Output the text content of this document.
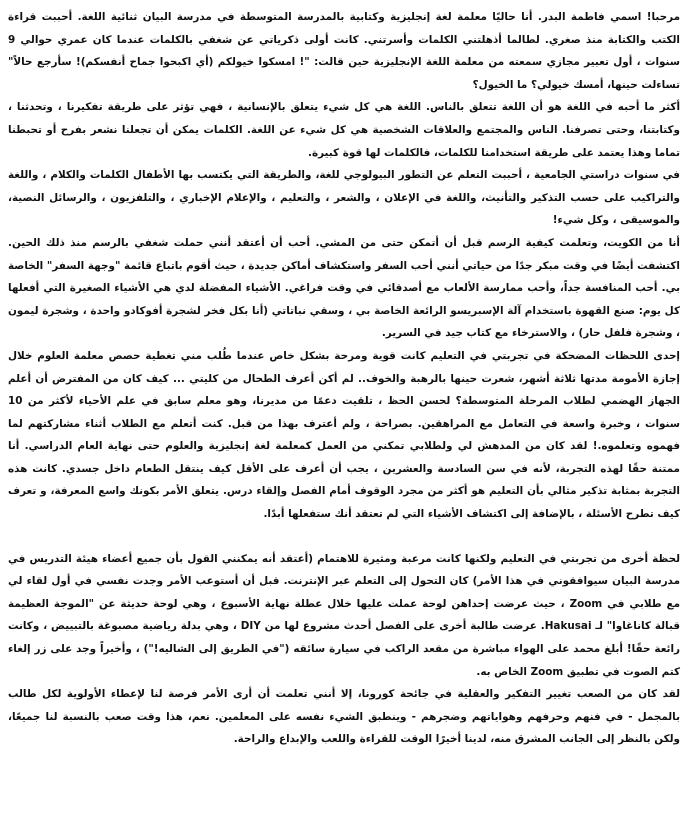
مرحبا! اسمي فاطمة البدر. أنا حاليًا معلمة لغة إنجليزية وكتابية بالمدرسة المتوسطة في مدرسة البيان ثنائية اللغة. أحببت قراءة الكتب والكتابة منذ صغري. لطالما أذهلتني الكلمات وأسرتني. كانت أولى ذكرياتي عن شغفي بالكلمات عندما كان عمري حوالي 9 سنوات ، أول تعبير مجازي سمعته من معلمة اللغة الإنجليزية حين قالت: "! امسكوا خيولكم (أي اكبحوا جماح أنفسكم)! سأرجع حالاً" تساءلت حينها، أمسك خيولي؟ ما الخيول؟

أكثر ما أحبه في اللغة هو أن اللغة تتعلق بالناس. اللغة هي كل شيء يتعلق بالإنسانية ، فهي تؤثر على طريقة تفكيرنا ، وتحدثنا ، وكتابتنا، وحتى تصرفنا. الناس والمجتمع والعلاقات الشخصية هي كل شيء عن اللغة. الكلمات يمكن أن تجعلنا نشعر بفرح أو تحبطنا تماما وهذا يعتمد على طريقة استخدامنا للكلمات، فالكلمات لها قوة كبيرة.

في سنوات دراستي الجامعية ، أحببت التعلم عن التطور البيولوجي للغة، والطريقة التي يكتسب بها الأطفال الكلمات والكلام ، واللغة والتراكيب على حسب التذكير والتأنيث، واللغة في الإعلان ، والشعر ، والتعليم ، والإعلام الإخباري ، والتلفزيون ، والرسائل النصية، والموسيقى ، وكل شيء!

أنا من الكويت، وتعلمت كيفية الرسم قبل أن أتمكن حتى من المشي. أحب أن أعتقد أنني حملت شغفي بالرسم منذ ذلك الحين. اكتشفت أيضًا في وقت مبكر جدًا من حياتي أنني أحب السفر واستكشاف أماكن جديدة ، حيث أقوم باتباع قائمة "وجهة السفر" الخاصة بي. أحب المنافسة جداً، وأحب ممارسة الألعاب مع أصدقائي في وقت فراغي. الأشياء المفضلة لدي هي الأشياء الصغيرة التي أفعلها كل يوم: صنع القهوة باستخدام آلة الإسبريسو الرائعة الخاصة بي ، وسقي نباتاتي (أنا بكل فخر لشجرة أفوكادو واحدة ، وشجرة ليمون ، وشجرة فلفل حار) ، والاسترخاء مع كتاب جيد في السرير.

إحدى اللحظات المضحكة في تجربتي في التعليم كانت قوية ومرحة بشكل خاص عندما طُلب مني تغطية حصص معلمة العلوم خلال إجازة الأمومة مدتها ثلاثة أشهر، شعرت حينها بالرهبة والخوف.. لم أكن أعرف الطحال من كليتي ... كيف كان من المفترض أن أعلم الجهاز الهضمي لطلاب المرحلة المتوسطة؟ لحسن الحظ ، تلقيت دعمًا من مديرنا، وهو معلم سابق في علم الأحياء لأكثر من 10 سنوات ، وخبرة واسعة في التعامل مع المراهقين. بصراحة ، ولم أعترف بهذا من قبل. كنت أتعلم مع الطلاب أثناء مشاركتهم لما فهموه وتعلموه.! لقد كان من المدهش لي ولطلابي تمكني من العمل كمعلمة لغة إنجليزية والعلوم حتى نهاية العام الدراسي. أنا ممتنة حقًا لهذه التجربة، لأنه في سن السادسة والعشرين ، يجب أن أعرف على الأقل كيف ينتقل الطعام داخل جسدي. كانت هذه التجربة بمثابة تذكير مثالي بأن التعليم هو أكثر من مجرد الوقوف أمام الفصل وإلقاء درس. يتعلق الأمر بكونك واسع المعرفة، و تعرف كيف تطرح الأسئلة ، بالإضافة إلى اكتشاف الأشياء التي لم تعتقد أنك ستفعلها أبدًا.

لحظة أخرى من تجربتي في التعليم ولكنها كانت مرعبة ومثيرة للاهتمام (أعتقد أنه يمكنني القول بأن جميع أعضاء هيئة التدريس في مدرسة البيان سيوافقوني في هذا الأمر) كان التحول إلى التعلم عبر الإنترنت. قبل أن أستوعب الأمر وجدت نفسي في أول لقاء لي مع طلابي في Zoom ، حيث عرضت إحداهن لوحة عملت عليها خلال عطلة نهاية الأسبوع ، وهي لوحة حديثة عن "الموجة العظيمة قبالة كاناغاوا" لـ Hakusai. عرضت طالبة أخرى على الفصل أحدث مشروع لها من DIY ، وهي بدلة رياضية مصبوغة بالتبييض ، وكانت رائعة حقًا! أبلغ محمد على الهواء مباشرة من مقعد الراكب في سيارة سائقه ("في الطريق إلى الشاليه!") ، وأخيراً وجد على زر إلغاء كتم الصوت في تطبيق Zoom الخاص به.

لقد كان من الصعب تغيير التفكير والعقلية في جائحة كورونا، إلا أنني تعلمت أن أرى الأمر فرصة لنا لإعطاء الأولوية لكل طالب بالمجمل - في فنهم وحرفهم وهواياتهم وضجرهم - وينطبق الشيء نفسه على المعلمين. نعم، هذا وقت صعب بالنسبة لنا جميعًا، ولكن بالنظر إلى الجانب المشرق منه، لدينا أخيرًا الوقت للقراءة واللعب والإبداع والراحة.
